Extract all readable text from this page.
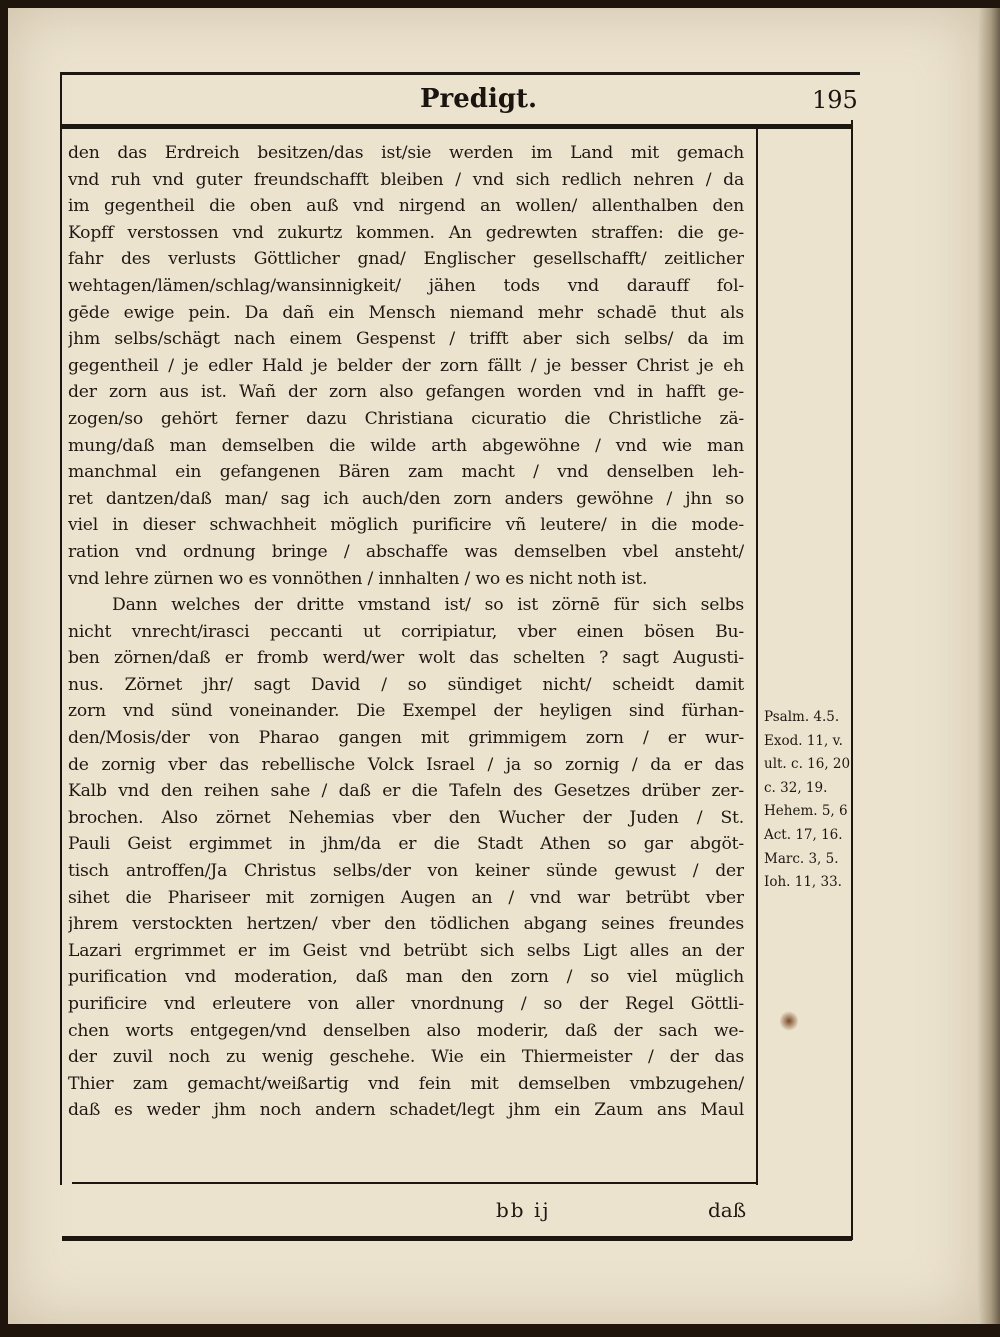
Predigt.	195
den das Erdreich besitzen/das ist/sie werden im Land mit gemach
vnd ruh vnd guter freundschafft bleiben / vnd sich redlich nehren / da
im gegentheil die oben auß vnd nirgend an wollen/ allenthalben den
Kopff verstossen vnd zukurtz kommen. An gedrewten straffen: die ge-
fahr des verlusts Göttlicher gnad/ Englischer gesellschafft/ zeitlicher
wehtagen/lämen/schlag/wansinnigkeit/ jähen tods vnd darauff fol-
gēde ewige pein. Da dañ ein Mensch niemand mehr schadē thut als
jhm selbs/schägt nach einem Gespenst / trifft aber sich selbs/ da im
gegentheil / je edler Hald je belder der zorn fällt / je besser Christ je eh
der zorn aus ist. Wañ der zorn also gefangen worden vnd in hafft ge-
zogen/so gehört ferner dazu Christiana cicuratio die Christliche zä-
mung/daß man demselben die wilde arth abgewöhne / vnd wie man
manchmal ein gefangenen Bären zam macht / vnd denselben leh-
ret dantzen/daß man/ sag ich auch/den zorn anders gewöhne / jhn so
viel in dieser schwachheit möglich purificire vñ leutere/ in die mode-
ration vnd ordnung bringe / abschaffe was demselben vbel ansteht/
vnd lehre zürnen wo es vonnöthen / innhalten / wo es nicht noth ist.
Dann welches der dritte vmstand ist/ so ist zörnē für sich selbs
nicht vnrecht/irasci peccanti ut corripiatur, vber einen bösen Bu-
ben zörnen/daß er fromb werd/wer wolt das schelten ? sagt Augusti-
nus. Zörnet jhr/ sagt David / so sündiget nicht/ scheidt damit
zorn vnd sünd voneinander. Die Exempel der heyligen sind fürhan-
den/Mosis/der von Pharao gangen mit grimmigem zorn / er wur-
de zornig vber das rebellische Volck Israel / ja so zornig / da er das
Kalb vnd den reihen sahe / daß er die Tafeln des Gesetzes drüber zer-
brochen. Also zörnet Nehemias vber den Wucher der Juden / St.
Pauli Geist ergimmet in jhm/da er die Stadt Athen so gar abgöt-
tisch antroffen/Ja Christus selbs/der von keiner sünde gewust / der
sihet die Phariseer mit zornigen Augen an / vnd war betrübt vber
jhrem verstockten hertzen/ vber den tödlichen abgang seines freundes
Lazari ergrimmet er im Geist vnd betrübt sich selbs Ligt alles an der
purification vnd moderation, daß man den zorn / so viel müglich
purificire vnd erleutere von aller vnordnung / so der Regel Göttli-
chen worts entgegen/vnd denselben also moderir, daß der sach we-
der zuvil noch zu wenig geschehe. Wie ein Thiermeister / der das
Thier zam gemacht/weißartig vnd fein mit demselben vmbzugehen/
daß es weder jhm noch andern schadet/legt jhm ein Zaum ans Maul
Psalm. 4.5.
Exod. 11, v.
ult. c. 16, 20
c. 32, 19.
Hehem. 5, 6
Act. 17, 16.
Marc. 3, 5.
Ioh. 11, 33.
bb ij	daß
